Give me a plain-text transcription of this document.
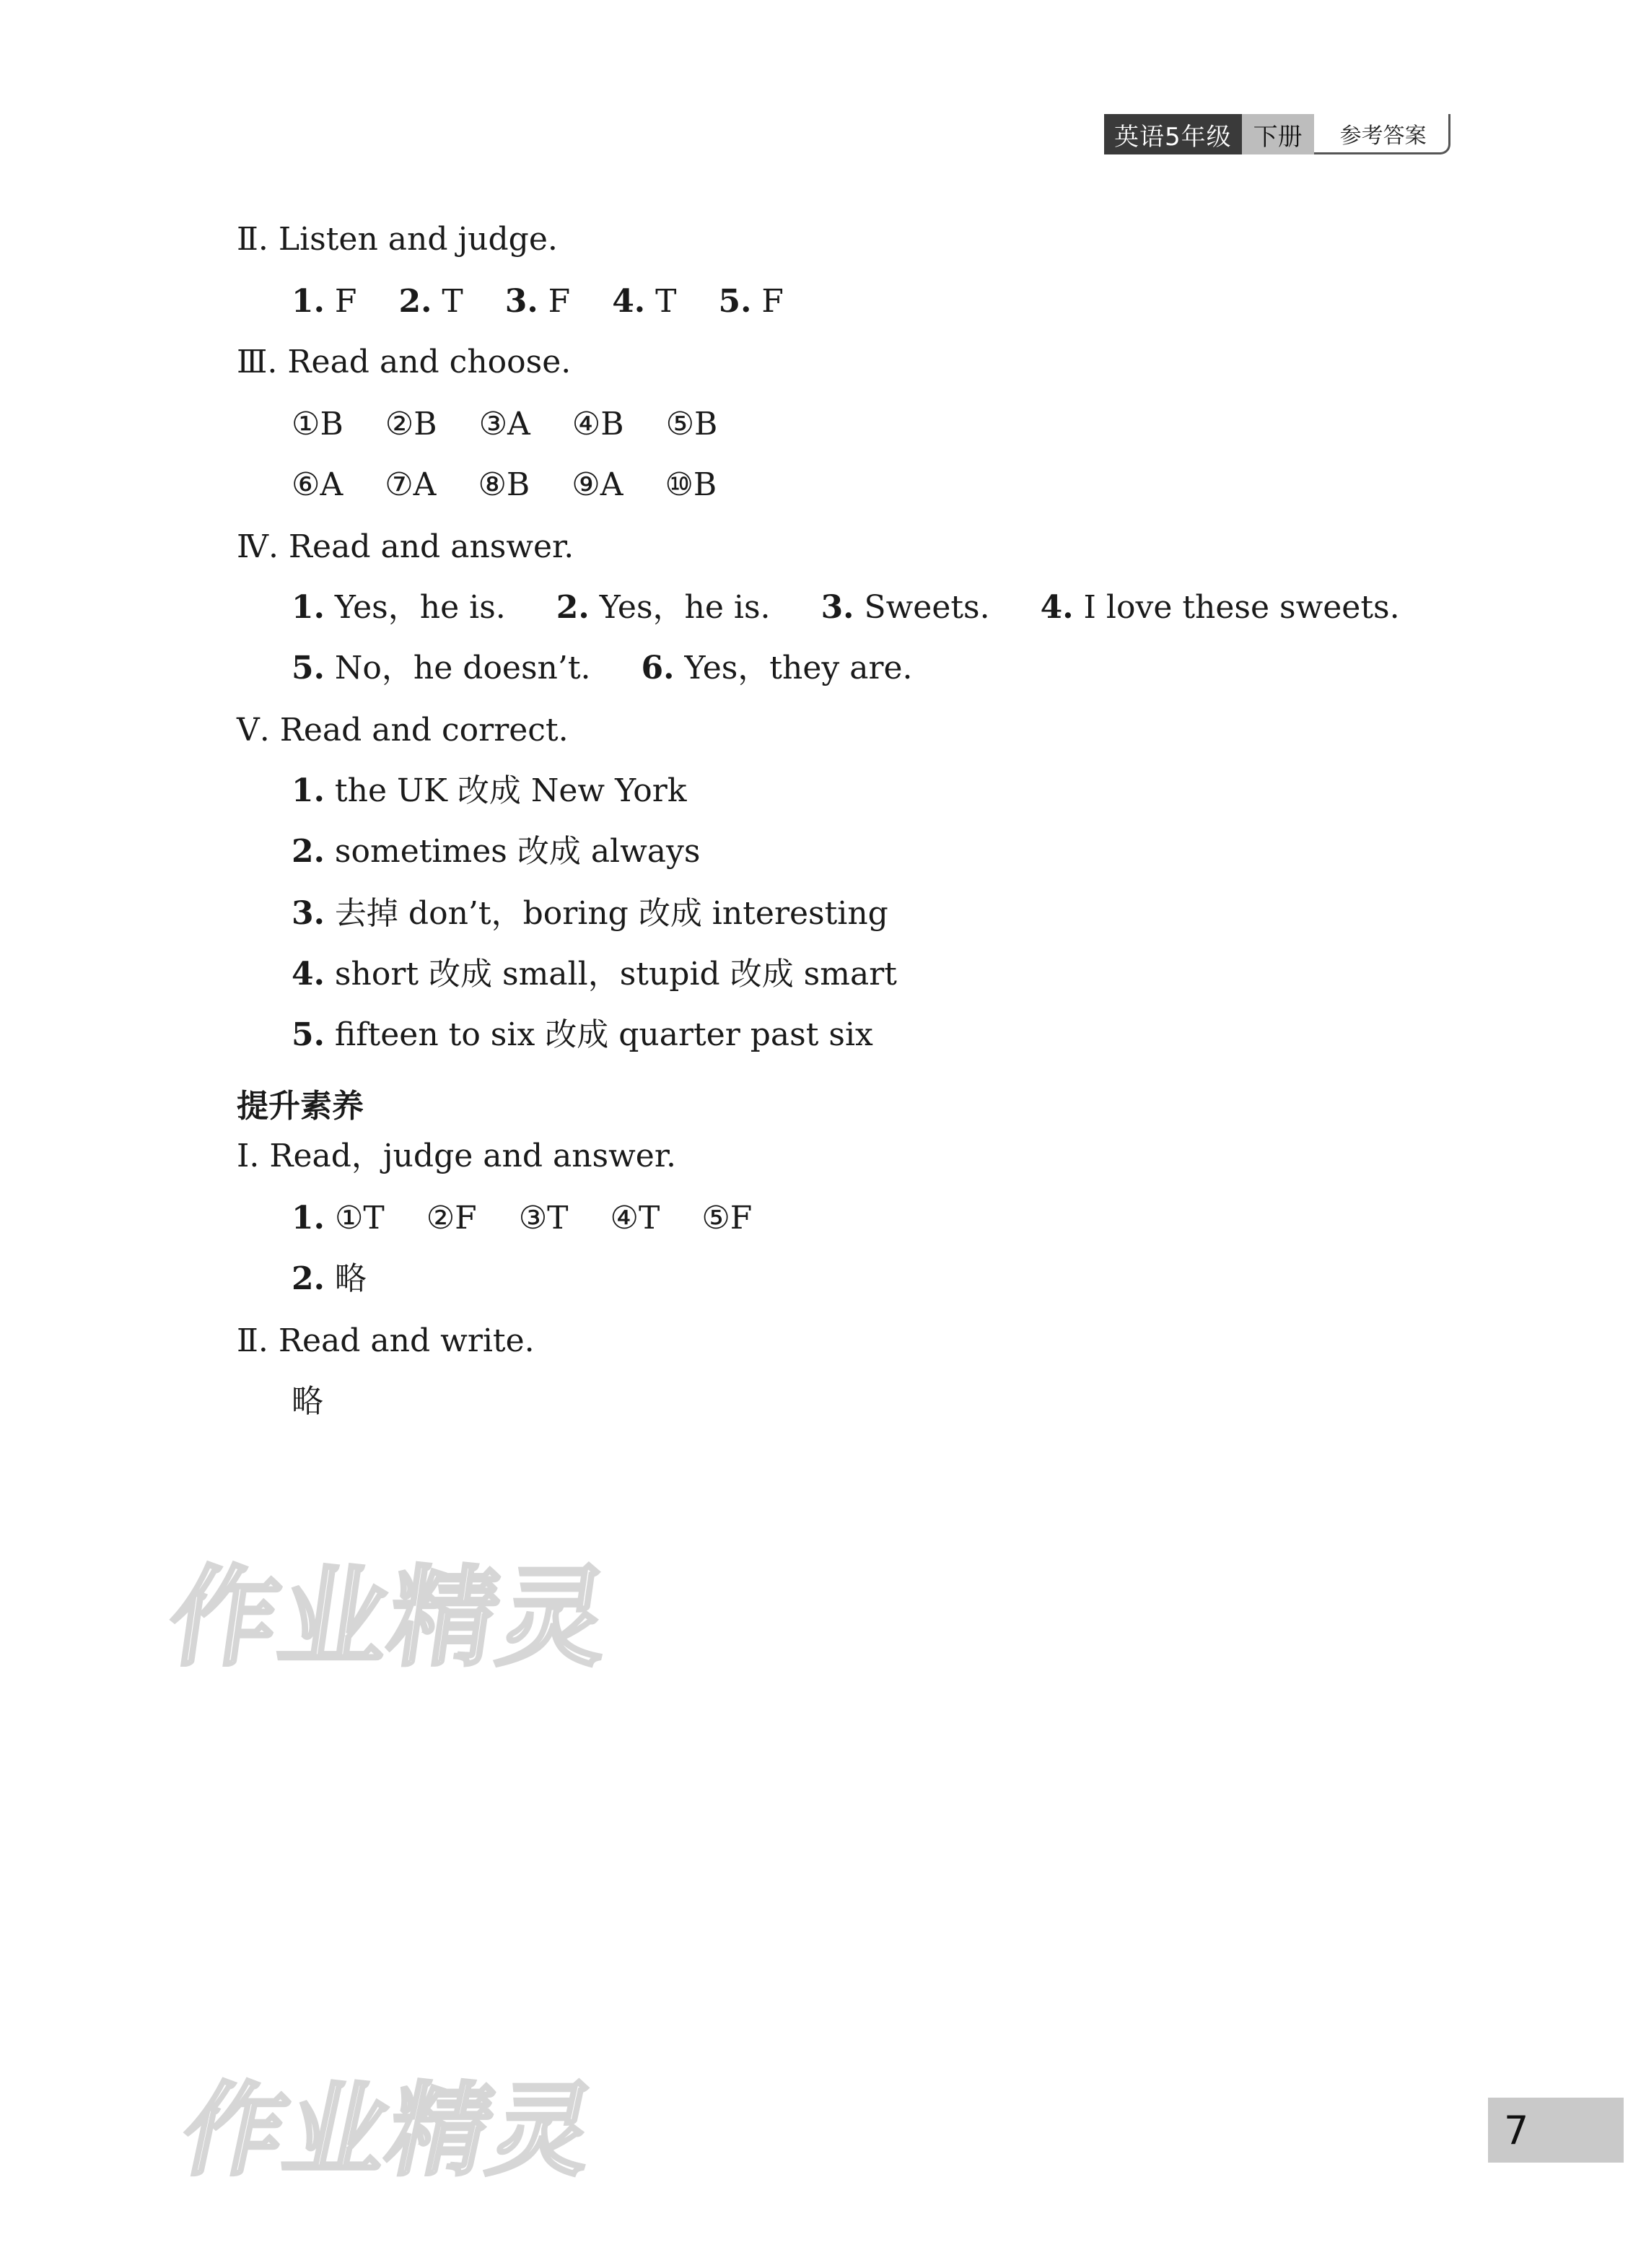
英语5年级 下册	参考答案
Ⅱ. Listen and judge.
1. F 2. T 3. F 4. T 5. F
Ⅲ. Read and choose.
①B ②B ③A ④B ⑤B
⑥A ⑦A ⑧B ⑨A ⑩B
Ⅳ. Read and answer.
1. Yes，he is. 2. Yes，he is. 3. Sweets. 4. I love these sweets.
5. No，he doesn’t. 6. Yes，they are.
Ⅴ. Read and correct.
1. the UK 改成 New York
2. sometimes 改成 always
3. 去掉 don’t，boring 改成 interesting
4. short 改成 small，stupid 改成 smart
5. fifteen to six 改成 quarter past six
提升素养
Ⅰ. Read，judge and answer.
1. ①T ②F ③T ④T ⑤F
2. 略
Ⅱ. Read and write.
略
作业精灵
作业精灵	7
